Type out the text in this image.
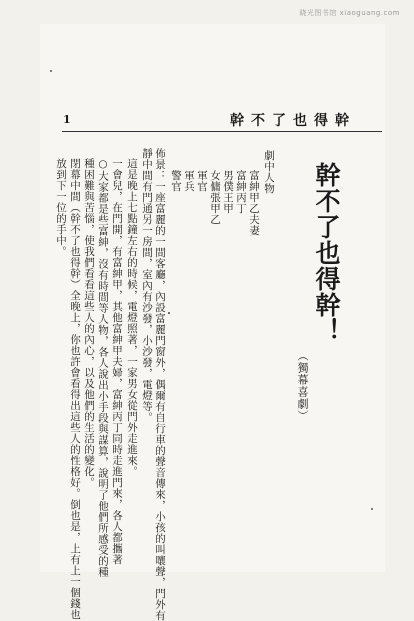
晓光图书馆 xiaoguang.com
1	幹不了也得幹
幹不了也得幹！
（獨幕喜劇）
劇中人物
富紳甲乙夫妻
富紳丙丁
男僕王甲
女傭張甲乙
軍官
軍兵
警官
佈景：一座富麗的一間客廳，內設富麗門窗外，偶爾有自行車的聲音傳來，小孩的叫嚷聲，門外有
靜中間有門通另一房間，室內有沙發，小沙發，電燈等。
這是晚上七點鐘左右的時候，電燈照著，一家男女從門外走進來。
一會兒，在門開，有富紳甲，其他富紳甲夫婦，富紳丙丁同時走進門來，各人都攜著
○大家都是些富紳，沒有時間等人物，各人說出小手段與謀算，說明了他們所感受的種
種困難與苦惱，使我們看看這些人的內心，以及他們的生活的變化。
閉幕中間（幹不了也得幹）全晚上，你也許會看得出這些人的性格好。倒也是，上有上一個錢也
放到下一位的手中。
